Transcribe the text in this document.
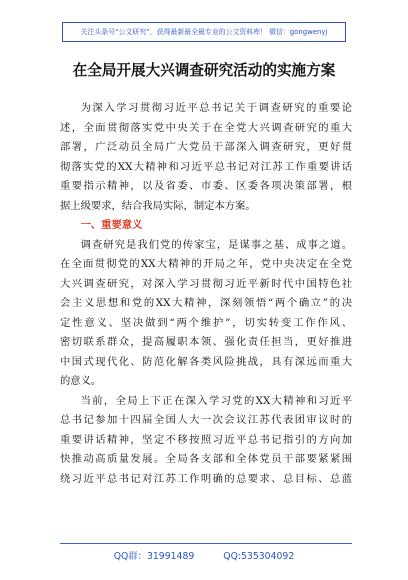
关注头条号“公文研究”，获得最新最全最专业的公文资料库！ 微信：gongwenyj
在全局开展大兴调查研究活动的实施方案
为深入学习贯彻习近平总书记关于调查研究的重要论
述，全面贯彻落实党中央关于在全党大兴调查研究的重大
部署，广泛动员全局广大党员干部深入调查研究，更好贯
彻落实党的XX大精神和习近平总书记对江苏工作重要讲话
重要指示精神，以及省委、市委、区委各项决策部署，根
据上级要求，结合我局实际，制定本方案。
一、重要意义
调查研究是我们党的传家宝，是谋事之基、成事之道。
在全面贯彻党的XX大精神的开局之年，党中央决定在全党
大兴调查研究，对深入学习贯彻习近平新时代中国特色社
会主义思想和党的XX大精神，深刻领悟“两个确立”的决
定性意义、坚决做到“两个维护”，切实转变工作作风、
密切联系群众，提高履职本领、强化责任担当，更好推进
中国式现代化、防范化解各类风险挑战，具有深远而重大
的意义。
当前，全局上下正在深入学习党的XX大精神和习近平
总书记参加十四届全国人大一次会议江苏代表团审议时的
重要讲话精神，坚定不移按照习近平总书记指引的方向加
快推动高质量发展。全局各支部和全体党员干部要紧紧围
绕习近平总书记对江苏工作明确的总要求、总目标、总蓝
QQ群：31991489	QQ:535304092
